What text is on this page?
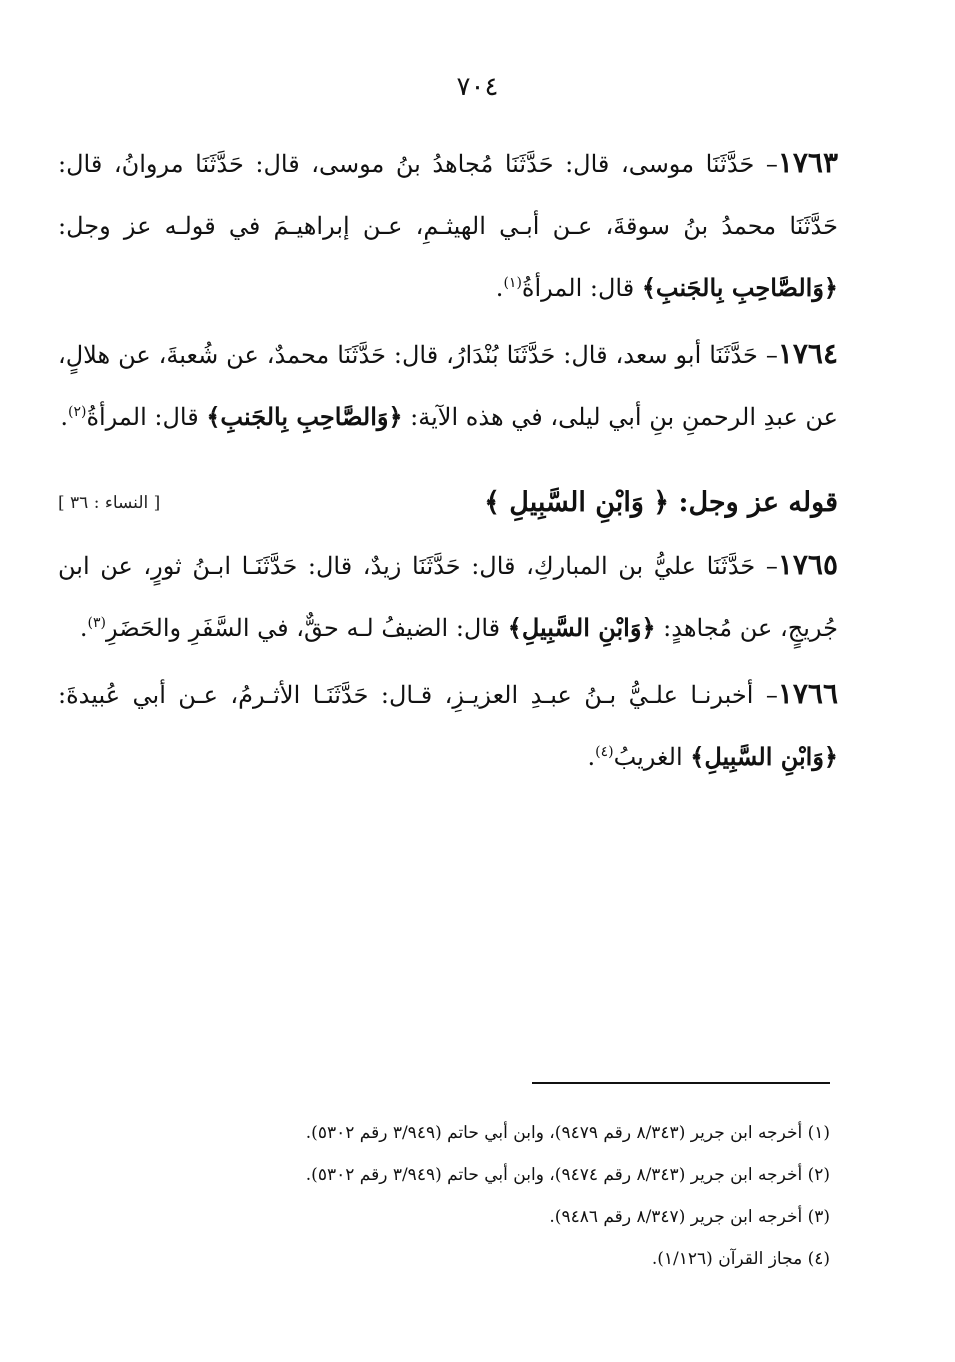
٧٠٤

١٧٦٣– حَدَّثَنَا موسى، قال: حَدَّثَنَا مُجاهدُ بنُ موسى، قال: حَدَّثَنَا مروانُ، قال: حَدَّثَنَا محمدُ بنُ سوقةَ، عـن أبـي الهيثـمِ، عـن إبراهيـمَ في قولـه عز وجل: ﴿وَالصَّاحِبِ بِالجَنبِ﴾ قال: المرأةُ$^{(١)}$.

١٧٦٤– حَدَّثَنَا أبو سعد، قال: حَدَّثَنَا بُنْدَارُ، قال: حَدَّثَنَا محمدٌ، عن شُعبةَ، عن هلالٍ، عن عبدِ الرحمنِ بنِ أبي ليلى، في هذه الآية: ﴿وَالصَّاحِبِ بِالجَنبِ﴾ قال: المرأةُ$^{(٢)}$.

قوله عز وجل: ﴿ وَابْنِ السَّبِيلِ ﴾
[ النساء : ٣٦ ]

١٧٦٥– حَدَّثَنَا عليُّ بن المباركِ، قال: حَدَّثَنَا زيدٌ، قال: حَدَّثَنَـا ابـنُ ثورٍ، عن ابن جُريجٍ، عن مُجاهدٍ: ﴿وَابْنِ السَّبِيلِ﴾ قال: الضيفُ لـه حقٌّ، في السَّفَرِ والحَضَرِ$^{(٣)}$.

١٧٦٦– أخبرنـا علـيُّ بـنُ عبـدِ العزيـزِ، قـال: حَدَّثَنَـا الأثـرمُ، عـن أبي عُبيدةَ: ﴿وَابْنِ السَّبِيلِ﴾ الغريبُ$^{(٤)}$.

(١) أخرجه ابن جرير (٨/٣٤٣ رقم ٩٤٧٩)، وابن أبي حاتم (٣/٩٤٩ رقم ٥٣٠٢).

(٢) أخرجه ابن جرير (٨/٣٤٣ رقم ٩٤٧٤)، وابن أبي حاتم (٣/٩٤٩ رقم ٥٣٠٢).

(٣) أخرجه ابن جرير (٨/٣٤٧ رقم ٩٤٨٦).

(٤) مجاز القرآن (١/١٢٦).
